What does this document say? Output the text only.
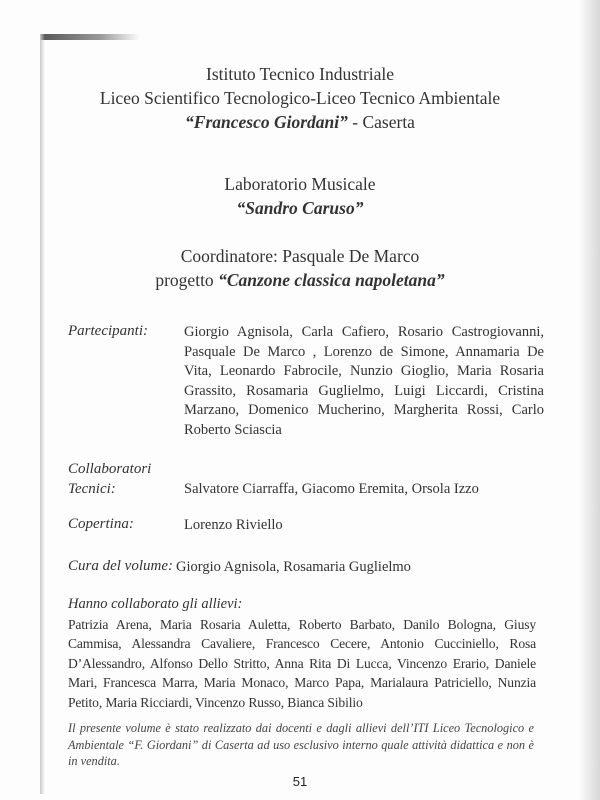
Istituto Tecnico Industriale
Liceo Scientifico Tecnologico-Liceo Tecnico Ambientale
“Francesco Giordani” - Caserta
Laboratorio Musicale
“Sandro Caruso”
Coordinatore: Pasquale De Marco
progetto “Canzone classica napoletana”
Partecipanti: Giorgio Agnisola, Carla Cafiero, Rosario Castrogiovanni, Pasquale De Marco , Lorenzo de Simone, Annamaria De Vita, Leonardo Fabrocile, Nunzio Gioglio, Maria Rosaria Grassito, Rosamaria Guglielmo, Luigi Liccardi, Cristina Marzano, Domenico Mucherino, Margherita Rossi, Carlo Roberto Sciascia
Collaboratori
Tecnici:	Salvatore Ciarraffa, Giacomo Eremita, Orsola Izzo
Copertina:	Lorenzo Riviello
Cura del volume: Giorgio Agnisola, Rosamaria Guglielmo
Hanno collaborato gli allievi:
Patrizia Arena, Maria Rosaria Auletta, Roberto Barbato, Danilo Bologna, Giusy Cammisa, Alessandra Cavaliere, Francesco Cecere, Antonio Cucciniello, Rosa D’Alessandro, Alfonso Dello Stritto, Anna Rita Di Lucca, Vincenzo Erario, Daniele Mari, Francesca Marra, Maria Monaco, Marco Papa, Marialaura Patriciello, Nunzia Petito, Maria Ricciardi, Vincenzo Russo, Bianca Sibilio
Il presente volume è stato realizzato dai docenti e dagli allievi dell’ITI Liceo Tecnologico e Ambientale “F. Giordani” di Caserta ad uso esclusivo interno quale attività didattica e non è in vendita.
51
